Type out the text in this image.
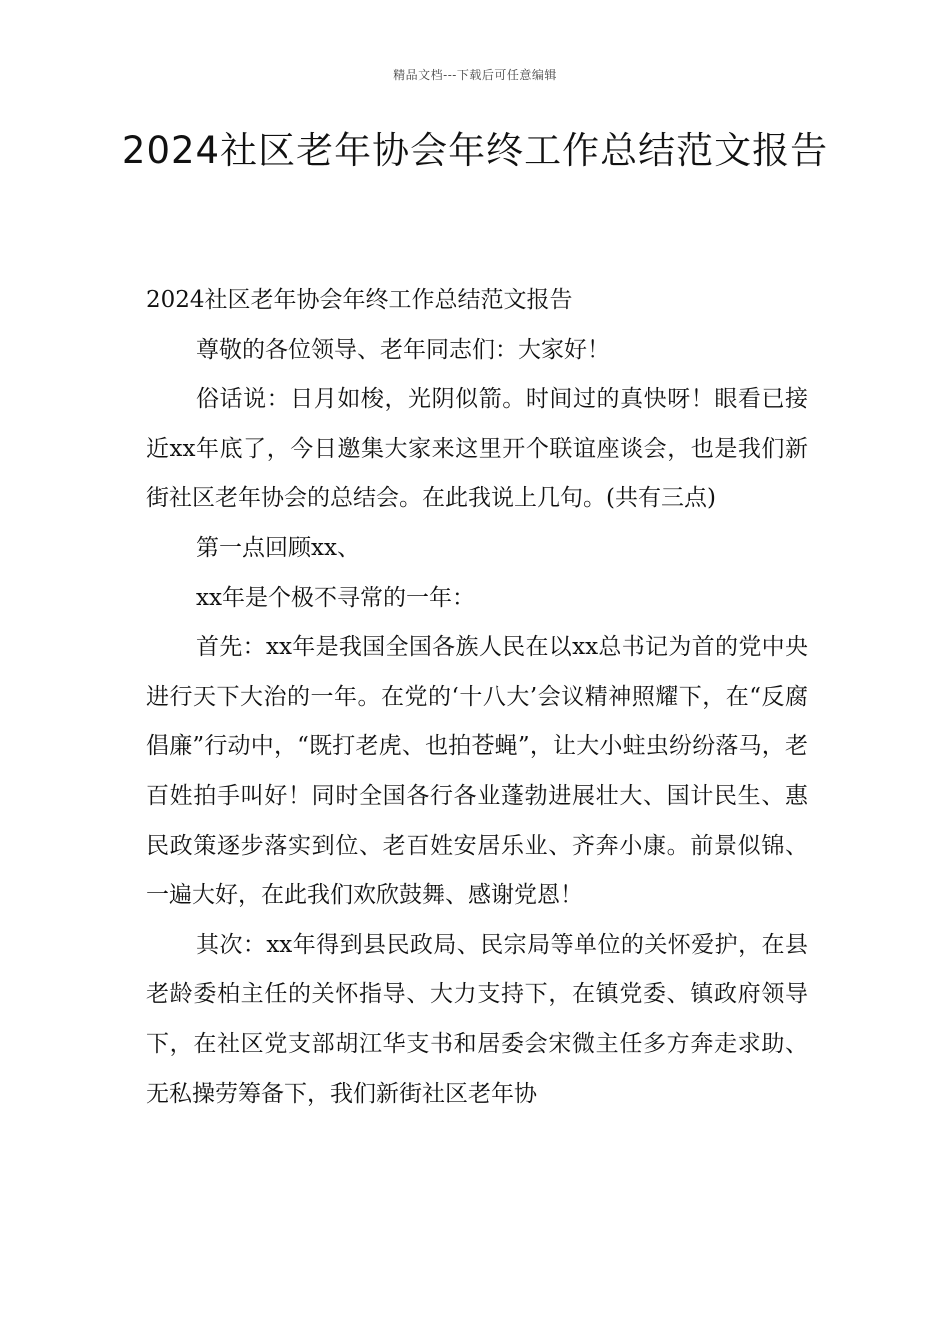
精品文档---下载后可任意编辑
2024社区老年协会年终工作总结范文报告

2024社区老年协会年终工作总结范文报告

尊敬的各位领导、老年同志们：大家好！

俗话说：日月如梭，光阴似箭。时间过的真快呀！眼看已接近xx年底了，今日邀集大家来这里开个联谊座谈会，也是我们新街社区老年协会的总结会。在此我说上几句。(共有三点)

第一点回顾xx、

xx年是个极不寻常的一年：

首先：xx年是我国全国各族人民在以xx总书记为首的党中央进行天下大治的一年。在党的‘十八大’会议精神照耀下，在“反腐倡廉”行动中，“既打老虎、也拍苍蝇”，让大小蛀虫纷纷落马，老百姓拍手叫好！同时全国各行各业蓬勃进展壮大、国计民生、惠民政策逐步落实到位、老百姓安居乐业、齐奔小康。前景似锦、一遍大好，在此我们欢欣鼓舞、感谢党恩！

其次：xx年得到县民政局、民宗局等单位的关怀爱护，在县老龄委柏主任的关怀指导、大力支持下，在镇党委、镇政府领导下，在社区党支部胡江华支书和居委会宋微主任多方奔走求助、无私操劳筹备下，我们新街社区老年协
